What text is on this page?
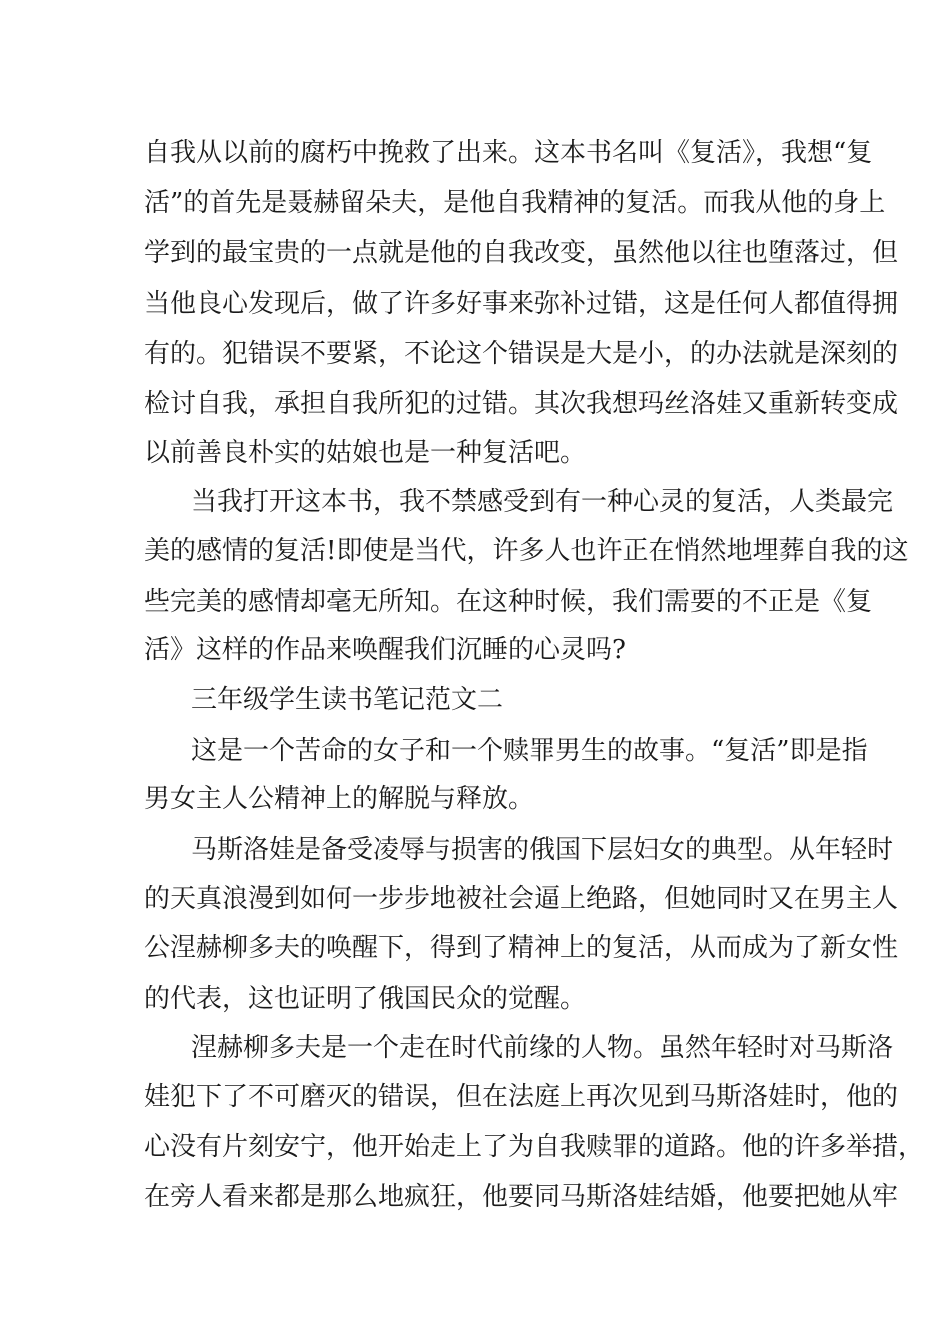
自我从以前的腐朽中挽救了出来。这本书名叫《复活》，我想“复

活”的首先是聂赫留朵夫，是他自我精神的复活。而我从他的身上

学到的最宝贵的一点就是他的自我改变，虽然他以往也堕落过，但

当他良心发现后，做了许多好事来弥补过错，这是任何人都值得拥

有的。犯错误不要紧，不论这个错误是大是小，的办法就是深刻的

检讨自我，承担自我所犯的过错。其次我想玛丝洛娃又重新转变成

以前善良朴实的姑娘也是一种复活吧。

当我打开这本书，我不禁感受到有一种心灵的复活，人类最完

美的感情的复活!即使是当代，许多人也许正在悄然地埋葬自我的这

些完美的感情却毫无所知。在这种时候，我们需要的不正是《复

活》这样的作品来唤醒我们沉睡的心灵吗?

三年级学生读书笔记范文二

这是一个苦命的女子和一个赎罪男生的故事。“复活”即是指

男女主人公精神上的解脱与释放。

马斯洛娃是备受凌辱与损害的俄国下层妇女的典型。从年轻时

的天真浪漫到如何一步步地被社会逼上绝路，但她同时又在男主人

公涅赫柳多夫的唤醒下，得到了精神上的复活，从而成为了新女性

的代表，这也证明了俄国民众的觉醒。

涅赫柳多夫是一个走在时代前缘的人物。虽然年轻时对马斯洛

娃犯下了不可磨灭的错误，但在法庭上再次见到马斯洛娃时，他的

心没有片刻安宁，他开始走上了为自我赎罪的道路。他的许多举措，

在旁人看来都是那么地疯狂，他要同马斯洛娃结婚，他要把她从牢
